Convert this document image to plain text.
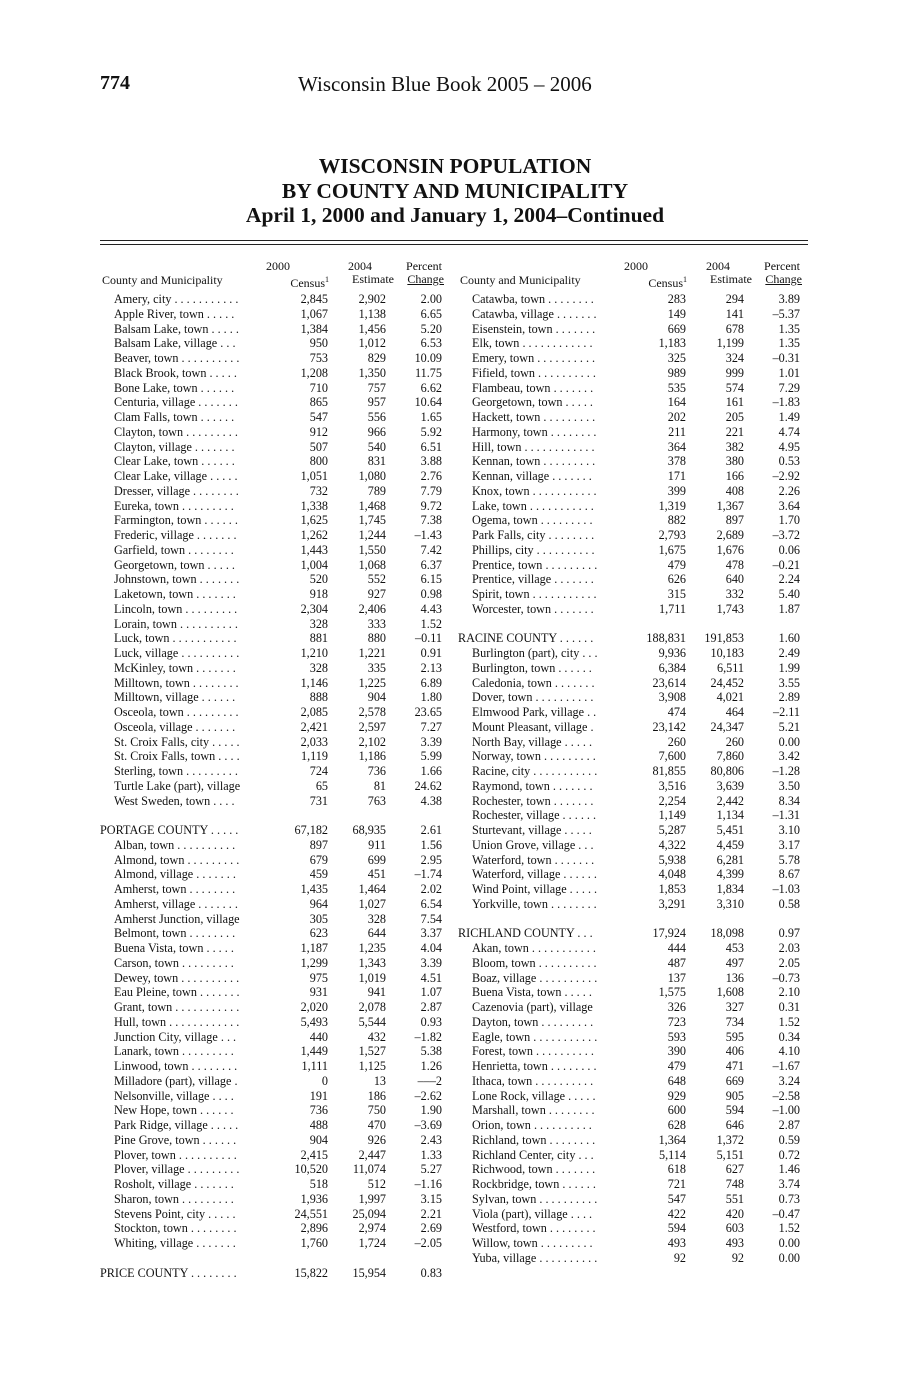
774	Wisconsin Blue Book 2005 – 2006
WISCONSIN POPULATION
BY COUNTY AND MUNICIPALITY
April 1, 2000 and January 1, 2004–Continued
County and Municipality
2000
Census$^1$
2004
Estimate
Percent
Change
Amery, city . . . . . . . . . . .	2,845	2,902	2.00
Apple River, town . . . . .	1,067	1,138	6.65
Balsam Lake, town . . . . .	1,384	1,456	5.20
Balsam Lake, village . . .	950	1,012	6.53
Beaver, town . . . . . . . . . .	753	829 10.09
Black Brook, town . . . . .	1,208	1,350 11.75
Bone Lake, town . . . . . .	710	757	6.62
Centuria, village . . . . . . .	865	957 10.64
Clam Falls, town . . . . . .	547	556	1.65
Clayton, town . . . . . . . . .	912	966	5.92
Clayton, village . . . . . . .	507	540	6.51
Clear Lake, town . . . . . .	800	831	3.88
Clear Lake, village . . . . .	1,051	1,080	2.76
Dresser, village . . . . . . . .	732	789	7.79
Eureka, town . . . . . . . . .	1,338	1,468	9.72
Farmington, town . . . . . .	1,625	1,745	7.38
Frederic, village . . . . . . .	1,262	1,244 –1.43
Garfield, town . . . . . . . .	1,443	1,550	7.42
Georgetown, town . . . . .	1,004	1,068	6.37
Johnstown, town . . . . . . .	520	552	6.15
Laketown, town . . . . . . .	918	927	0.98
Lincoln, town . . . . . . . . .	2,304	2,406	4.43
Lorain, town . . . . . . . . . .	328	333	1.52
Luck, town . . . . . . . . . . .	881	880 –0.11
Luck, village . . . . . . . . . .	1,210	1,221	0.91
McKinley, town . . . . . . .	328	335	2.13
Milltown, town . . . . . . . .	1,146	1,225	6.89
Milltown, village . . . . . .	888	904	1.80
Osceola, town . . . . . . . . .	2,085	2,578 23.65
Osceola, village . . . . . . .	2,421	2,597	7.27
St. Croix Falls, city . . . . .	2,033	2,102	3.39
St. Croix Falls, town . . . .	1,119	1,186	5.99
Sterling, town . . . . . . . . .	724	736	1.66
Turtle Lake (part), village	65	81 24.62
West Sweden, town . . . .	731	763	4.38
PORTAGE COUNTY . . . . .	67,182 68,935	2.61
Alban, town . . . . . . . . . .	897	911	1.56
Almond, town . . . . . . . . .	679	699	2.95
Almond, village . . . . . . .	459	451 –1.74
Amherst, town . . . . . . . .	1,435	1,464	2.02
Amherst, village . . . . . . .	964	1,027	6.54
Amherst Junction, village	305	328	7.54
Belmont, town . . . . . . . .	623	644	3.37
Buena Vista, town . . . . .	1,187	1,235	4.04
Carson, town . . . . . . . . .	1,299	1,343	3.39
Dewey, town . . . . . . . . . .	975	1,019	4.51
Eau Pleine, town . . . . . . .	931	941	1.07
Grant, town . . . . . . . . . . .	2,020	2,078	2.87
Hull, town . . . . . . . . . . . .	5,493	5,544	0.93
Junction City, village . . .	440	432 –1.82
Lanark, town . . . . . . . . .	1,449	1,527	5.38
Linwood, town . . . . . . . .	1,111	1,125	1.26
Milladore (part), village .	0	13	–––2
Nelsonville, village . . . .	191	186 –2.62
New Hope, town . . . . . .	736	750	1.90
Park Ridge, village . . . . .	488	470 –3.69
Pine Grove, town . . . . . .	904	926	2.43
Plover, town . . . . . . . . . .	2,415	2,447	1.33
Plover, village . . . . . . . . .	10,520 11,074	5.27
Rosholt, village . . . . . . .	518	512 –1.16
Sharon, town . . . . . . . . .	1,936	1,997	3.15
Stevens Point, city . . . . .	24,551 25,094	2.21
Stockton, town . . . . . . . .	2,896	2,974	2.69
Whiting, village . . . . . . .	1,760	1,724 –2.05
PRICE COUNTY . . . . . . . .	15,822 15,954	0.83
County and Municipality
2000
Census$^1$
2004
Estimate
Percent
Change
Catawba, town . . . . . . . .	283	294	3.89
Catawba, village . . . . . . .	149	141 –5.37
Eisenstein, town . . . . . . .	669	678	1.35
Elk, town . . . . . . . . . . . .	1,183	1,199	1.35
Emery, town . . . . . . . . . .	325	324 –0.31
Fifield, town . . . . . . . . . .	989	999	1.01
Flambeau, town . . . . . . .	535	574	7.29
Georgetown, town . . . . .	164	161 –1.83
Hackett, town . . . . . . . . .	202	205	1.49
Harmony, town . . . . . . . .	211	221	4.74
Hill, town . . . . . . . . . . . .	364	382	4.95
Kennan, town . . . . . . . . .	378	380	0.53
Kennan, village . . . . . . .	171	166 –2.92
Knox, town . . . . . . . . . . .	399	408	2.26
Lake, town . . . . . . . . . . .	1,319	1,367	3.64
Ogema, town . . . . . . . . .	882	897	1.70
Park Falls, city . . . . . . . .	2,793	2,689 –3.72
Phillips, city . . . . . . . . . .	1,675	1,676	0.06
Prentice, town . . . . . . . . .	479	478 –0.21
Prentice, village . . . . . . .	626	640	2.24
Spirit, town . . . . . . . . . . .	315	332	5.40
Worcester, town . . . . . . .	1,711	1,743	1.87
RACINE COUNTY . . . . . .	188,831 191,853	1.60
Burlington (part), city . . .	9,936 10,183	2.49
Burlington, town . . . . . .	6,384	6,511	1.99
Caledonia, town . . . . . . .	23,614 24,452	3.55
Dover, town . . . . . . . . . .	3,908	4,021	2.89
Elmwood Park, village . .	474	464 –2.11
Mount Pleasant, village .	23,142 24,347	5.21
North Bay, village . . . . .	260	260	0.00
Norway, town . . . . . . . . .	7,600	7,860	3.42
Racine, city . . . . . . . . . . .	81,855 80,806 –1.28
Raymond, town . . . . . . .	3,516	3,639	3.50
Rochester, town . . . . . . .	2,254	2,442	8.34
Rochester, village . . . . . .	1,149	1,134 –1.31
Sturtevant, village . . . . .	5,287	5,451	3.10
Union Grove, village . . .	4,322	4,459	3.17
Waterford, town . . . . . . .	5,938	6,281	5.78
Waterford, village . . . . . .	4,048	4,399	8.67
Wind Point, village . . . . .	1,853	1,834 –1.03
Yorkville, town . . . . . . . .	3,291	3,310	0.58
RICHLAND COUNTY . . .	17,924 18,098	0.97
Akan, town . . . . . . . . . . .	444	453	2.03
Bloom, town . . . . . . . . . .	487	497	2.05
Boaz, village . . . . . . . . . .	137	136 –0.73
Buena Vista, town . . . . .	1,575	1,608	2.10
Cazenovia (part), village	326	327	0.31
Dayton, town . . . . . . . . .	723	734	1.52
Eagle, town . . . . . . . . . . .	593	595	0.34
Forest, town . . . . . . . . . .	390	406	4.10
Henrietta, town . . . . . . . .	479	471 –1.67
Ithaca, town . . . . . . . . . .	648	669	3.24
Lone Rock, village . . . . .	929	905 –2.58
Marshall, town . . . . . . . .	600	594 –1.00
Orion, town . . . . . . . . . .	628	646	2.87
Richland, town . . . . . . . .	1,364	1,372	0.59
Richland Center, city . . .	5,114	5,151	0.72
Richwood, town . . . . . . .	618	627	1.46
Rockbridge, town . . . . . .	721	748	3.74
Sylvan, town . . . . . . . . . .	547	551	0.73
Viola (part), village . . . .	422	420 –0.47
Westford, town . . . . . . . .	594	603	1.52
Willow, town . . . . . . . . .	493	493	0.00
Yuba, village . . . . . . . . . .	92	92	0.00
